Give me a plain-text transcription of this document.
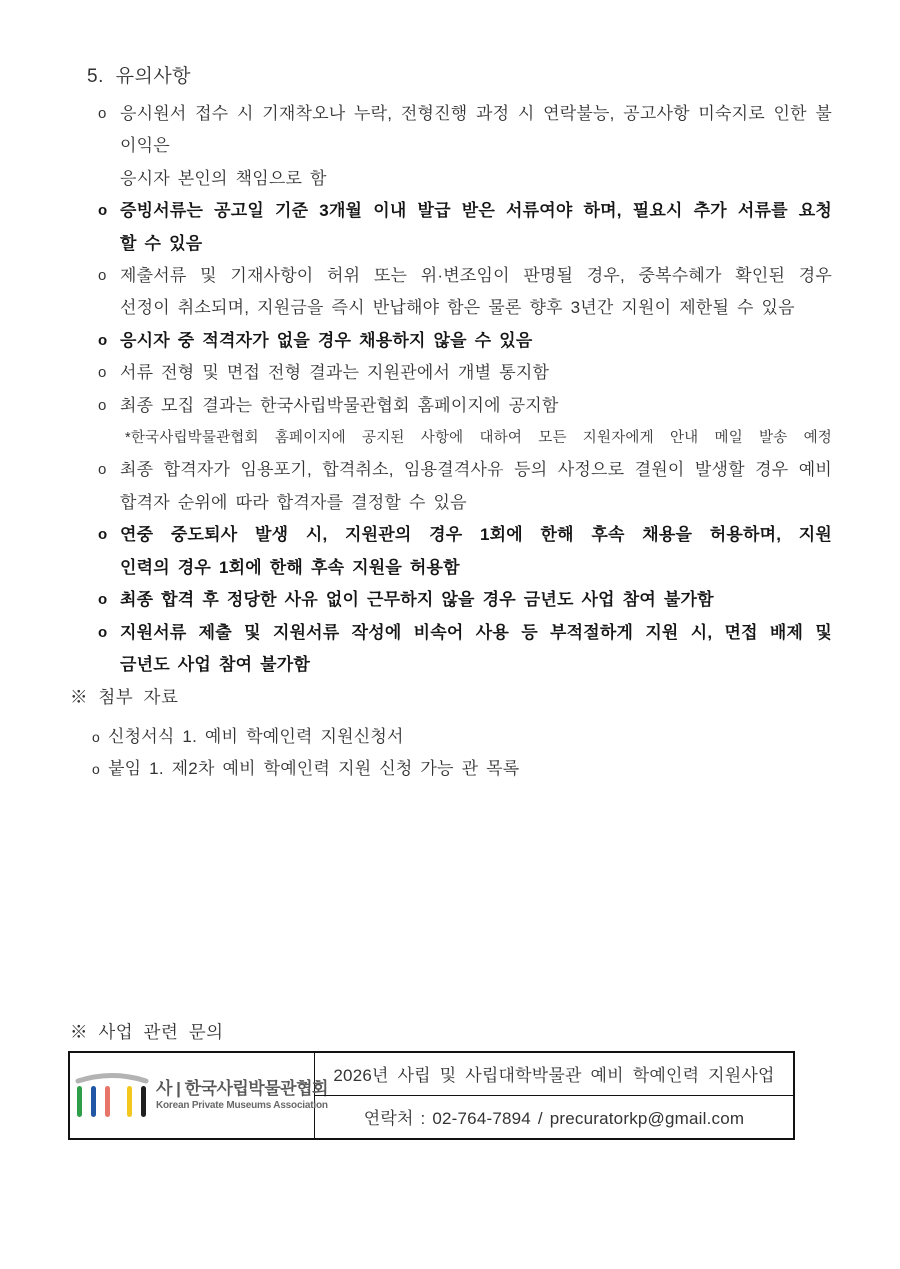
5. 유의사항
o 응시원서 접수 시 기재착오나 누락, 전형진행 과정 시 연락불능, 공고사항 미숙지로 인한 불이익은
응시자 본인의 책임으로 함
o 증빙서류는 공고일 기준 3개월 이내 발급 받은 서류여야 하며, 필요시 추가 서류를 요청
할 수 있음
o 제출서류 및 기재사항이 허위 또는 위·변조임이 판명될 경우, 중복수혜가 확인된 경우
선정이 취소되며, 지원금을 즉시 반납해야 함은 물론 향후 3년간 지원이 제한될 수 있음
o 응시자 중 적격자가 없을 경우 채용하지 않을 수 있음
o 서류 전형 및 면접 전형 결과는 지원관에서 개별 통지함
o 최종 모집 결과는 한국사립박물관협회 홈페이지에 공지함
*한국사립박물관협회 홈페이지에 공지된 사항에 대하여 모든 지원자에게 안내 메일 발송 예정
o 최종 합격자가 임용포기, 합격취소, 임용결격사유 등의 사정으로 결원이 발생할 경우 예비
합격자 순위에 따라 합격자를 결정할 수 있음
o 연중 중도퇴사 발생 시, 지원관의 경우 1회에 한해 후속 채용을 허용하며, 지원
인력의 경우 1회에 한해 후속 지원을 허용함
o 최종 합격 후 정당한 사유 없이 근무하지 않을 경우 금년도 사업 참여 불가함
o 지원서류 제출 및 지원서류 작성에 비속어 사용 등 부적절하게 지원 시, 면접 배제 및
금년도 사업 참여 불가함
※ 첨부 자료
o 신청서식 1. 예비 학예인력 지원신청서
o 붙임 1. 제2차 예비 학예인력 지원 신청 가능 관 목록
※ 사업 관련 문의
사 | 한국사립박물관협회
Korean Private Museums Association
2026년 사립 및 사립대학박물관 예비 학예인력 지원사업
연락처 : 02-764-7894 / precuratorkp@gmail.com
